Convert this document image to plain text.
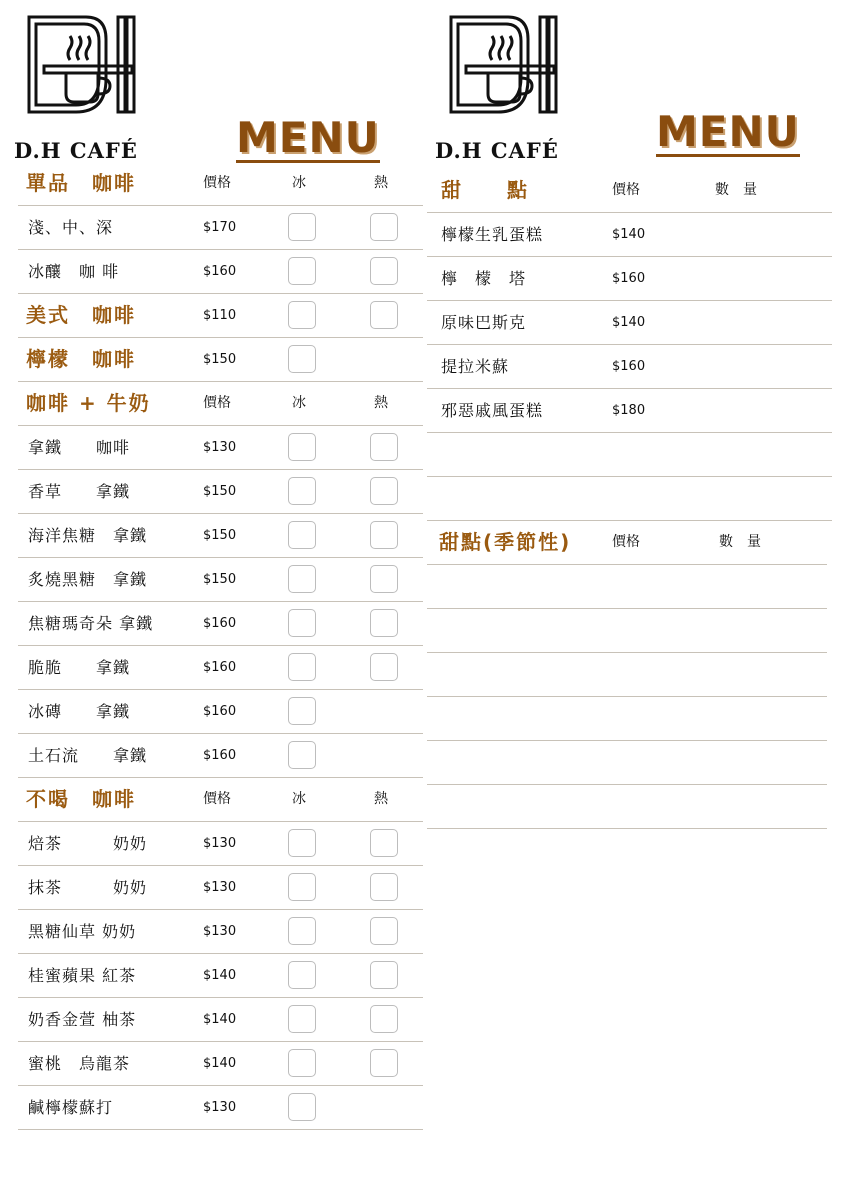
D.H CAFÉ	D.H CAFÉ
MENU	MENU
單品　咖啡	價格	冰	熱
淺、中、深	$170
冰釀　咖 啡	$160
美式　咖啡	$110
檸檬　咖啡	$150
咖啡 + 牛奶	價格	冰	熱
拿鐵　　咖啡	$130
香草　　拿鐵	$150
海洋焦糖　拿鐵	$150
炙燒黑糖　拿鐵	$150
焦糖瑪奇朵 拿鐵	$160
脆脆　　拿鐵	$160
冰磚　　拿鐵	$160
土石流　　拿鐵	$160
不喝　咖啡	價格	冰	熱
焙茶　　　奶奶	$130
抹茶　　　奶奶	$130
黑糖仙草 奶奶	$130
桂蜜蘋果 紅茶	$140
奶香金萱 柚茶	$140
蜜桃　烏龍茶	$140
鹹檸檬蘇打	$130
甜　　點	價格	數　量
檸檬生乳蛋糕	$140
檸　檬　塔	$160
原味巴斯克	$140
提拉米蘇	$160
邪惡戚風蛋糕	$180
甜點(季節性)	價格	數　量
